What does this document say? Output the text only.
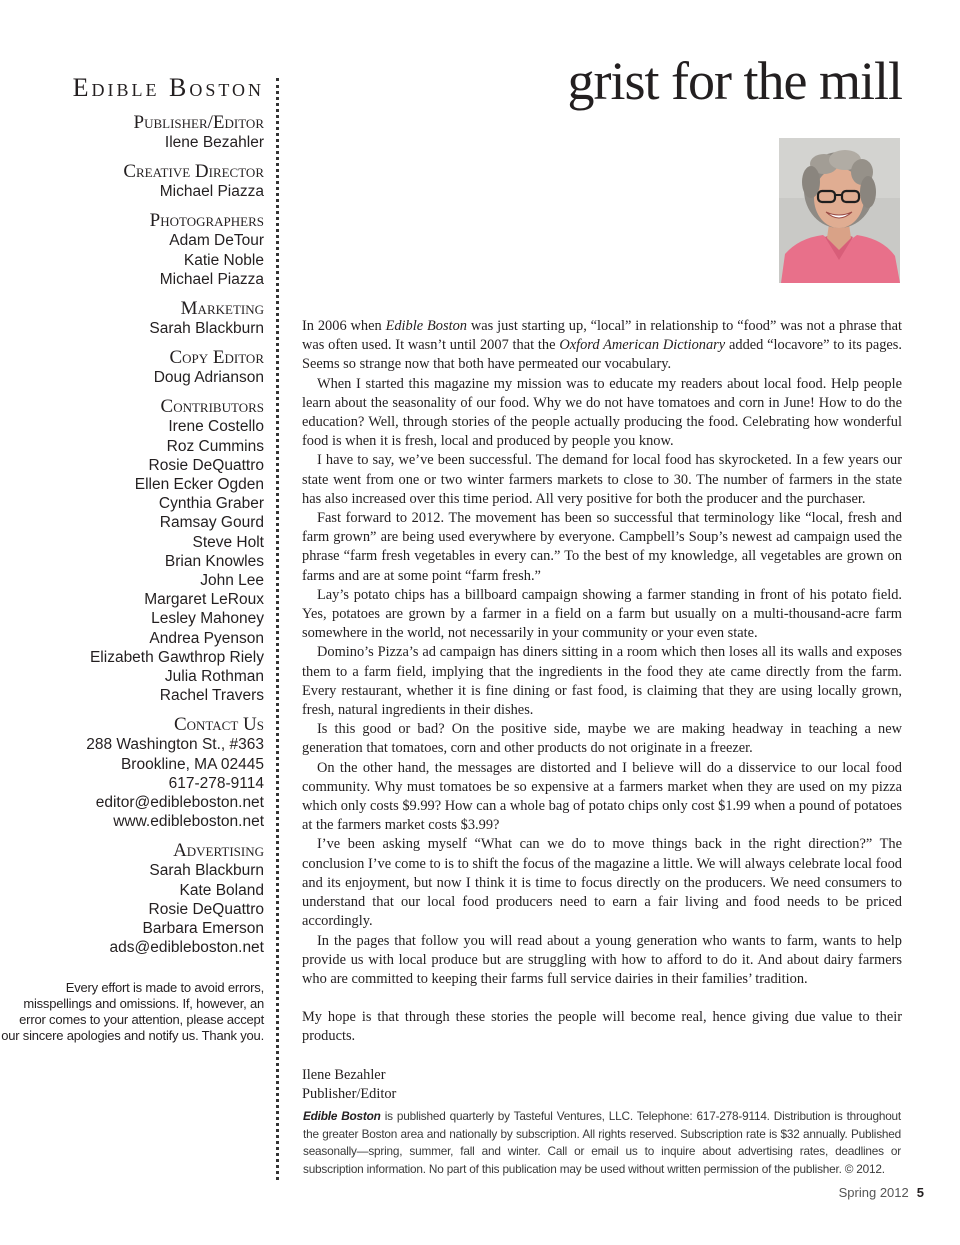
Edible Boston
Publisher/Editor
Ilene Bezahler
Creative Director
Michael Piazza
Photographers
Adam DeTour
Katie Noble
Michael Piazza
Marketing
Sarah Blackburn
Copy Editor
Doug Adrianson
Contributors
Irene Costello
Roz Cummins
Rosie DeQuattro
Ellen Ecker Ogden
Cynthia Graber
Ramsay Gourd
Steve Holt
Brian Knowles
John Lee
Margaret LeRoux
Lesley Mahoney
Andrea Pyenson
Elizabeth Gawthrop Riely
Julia Rothman
Rachel Travers
Contact Us
288 Washington St., #363
Brookline, MA 02445
617-278-9114
editor@edibleboston.net
www.edibleboston.net
Advertising
Sarah Blackburn
Kate Boland
Rosie DeQuattro
Barbara Emerson
ads@edibleboston.net
Every effort is made to avoid errors, misspellings and omissions. If, however, an error comes to your attention, please accept our sincere apologies and notify us. Thank you.
grist for the mill

In 2006 when Edible Boston was just starting up, “local” in relationship to “food” was not a phrase that was often used. It wasn’t until 2007 that the Oxford American Dictionary added “locavore” to its pages. Seems so strange now that both have permeated our vocabulary.

When I started this magazine my mission was to educate my readers about local food. Help people learn about the seasonality of our food. Why we do not have tomatoes and corn in June! How to do the education? Well, through stories of the people actually producing the food. Celebrating how wonderful food is when it is fresh, local and produced by people you know.

I have to say, we’ve been successful. The demand for local food has skyrocketed. In a few years our state went from one or two winter farmers markets to close to 30. The number of farmers in the state has also increased over this time period. All very positive for both the producer and the purchaser.

Fast forward to 2012. The movement has been so successful that terminology like “local, fresh and farm grown” are being used everywhere by everyone. Campbell’s Soup’s newest ad campaign used the phrase “farm fresh vegetables in every can.” To the best of my knowledge, all vegetables are grown on farms and are at some point “farm fresh.”

Lay’s potato chips has a billboard campaign showing a farmer standing in front of his potato field. Yes, potatoes are grown by a farmer in a field on a farm but usually on a multi-thousand-acre farm somewhere in the world, not necessarily in your community or your even state.

Domino’s Pizza’s ad campaign has diners sitting in a room which then loses all its walls and exposes them to a farm field, implying that the ingredients in the food they ate came directly from the farm. Every restaurant, whether it is fine dining or fast food, is claiming that they are using locally grown, fresh, natural ingredients in their dishes.

Is this good or bad? On the positive side, maybe we are making headway in teaching a new generation that tomatoes, corn and other products do not originate in a freezer.

On the other hand, the messages are distorted and I believe will do a disservice to our local food community. Why must tomatoes be so expensive at a farmers market when they are used on my pizza which only costs $9.99? How can a whole bag of potato chips only cost $1.99 when a pound of potatoes at the farmers market costs $3.99?

I’ve been asking myself “What can we do to move things back in the right direction?” The conclusion I’ve come to is to shift the focus of the magazine a little. We will always celebrate local food and its enjoyment, but now I think it is time to focus directly on the producers. We need consumers to understand that our local food producers need to earn a fair living and food needs to be priced accordingly.

In the pages that follow you will read about a young generation who wants to farm, wants to help provide us with local produce but are struggling with how to afford to do it. And about dairy farmers who are committed to keeping their farms full service dairies in their families’ tradition.

My hope is that through these stories the people will become real, hence giving due value to their products.

Ilene Bezahler
Publisher/Editor
Edible Boston is published quarterly by Tasteful Ventures, LLC. Telephone: 617-278-9114. Distribution is throughout the greater Boston area and nationally by subscription. All rights reserved. Subscription rate is $32 annually. Published seasonally—spring, summer, fall and winter. Call or email us to inquire about advertising rates, deadlines or subscription information. No part of this publication may be used without written permission of the publisher. © 2012.
Spring 2012 5
